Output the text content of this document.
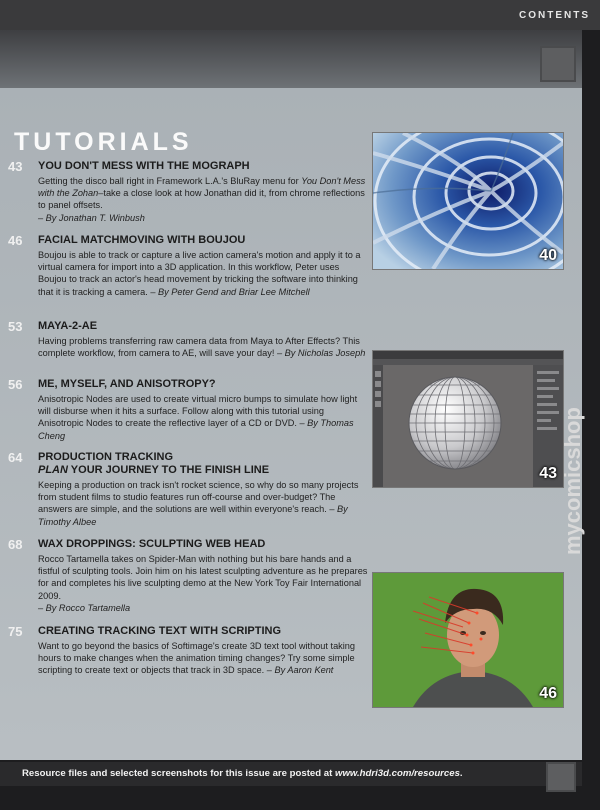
CONTENTS
TUTORIALS
43	YOU DON'T MESS WITH THE MOGRAPH
Getting the disco ball right in Framework L.A.'s BluRay menu for You Don't Mess with the Zohan–take a close look at how Jonathan did it, from chrome reflections to panel offsets.
– By Jonathan T. Winbush
46	FACIAL MATCHMOVING WITH BOUJOU
Boujou is able to track or capture a live action camera's motion and apply it to a virtual camera for import into a 3D application. In this workflow, Peter uses Boujou to track an actor's head movement by tricking the software into thinking that it is tracking a camera. – By Peter Gend and Briar Lee Mitchell
53	MAYA-2-AE
Having problems transferring raw camera data from Maya to After Effects? This complete workflow, from camera to AE, will save your day! – By Nicholas Joseph
56	ME, MYSELF, AND ANISOTROPY?
Anisotropic Nodes are used to create virtual micro bumps to simulate how light will disburse when it hits a surface. Follow along with this tutorial using Anisotropic Nodes to create the reflective layer of a CD or DVD. – By Thomas Cheng
64	PRODUCTION TRACKING
PLAN YOUR JOURNEY TO THE FINISH LINE
Keeping a production on track isn't rocket science, so why do so many projects from student films to studio features run off-course and over-budget? The answers are simple, and the solutions are well within everyone's reach. – By Timothy Albee
68	WAX DROPPINGS: SCULPTING WEB HEAD
Rocco Tartamella takes on Spider-Man with nothing but his bare hands and a fistful of sculpting tools. Join him on his latest sculpting adventure as he prepares for and completes his live sculpting demo at the New York Toy Fair International 2009.
– By Rocco Tartamella
75	CREATING TRACKING TEXT WITH SCRIPTING
Want to go beyond the basics of Softimage's create 3D text tool without taking hours to make changes when the animation timing changes? Try some simple scripting to create text or objects that track in 3D space. – By Aaron Kent
40
43
46
Resource files and selected screenshots for this issue are posted at www.hdri3d.com/resources.
mycomicshop
